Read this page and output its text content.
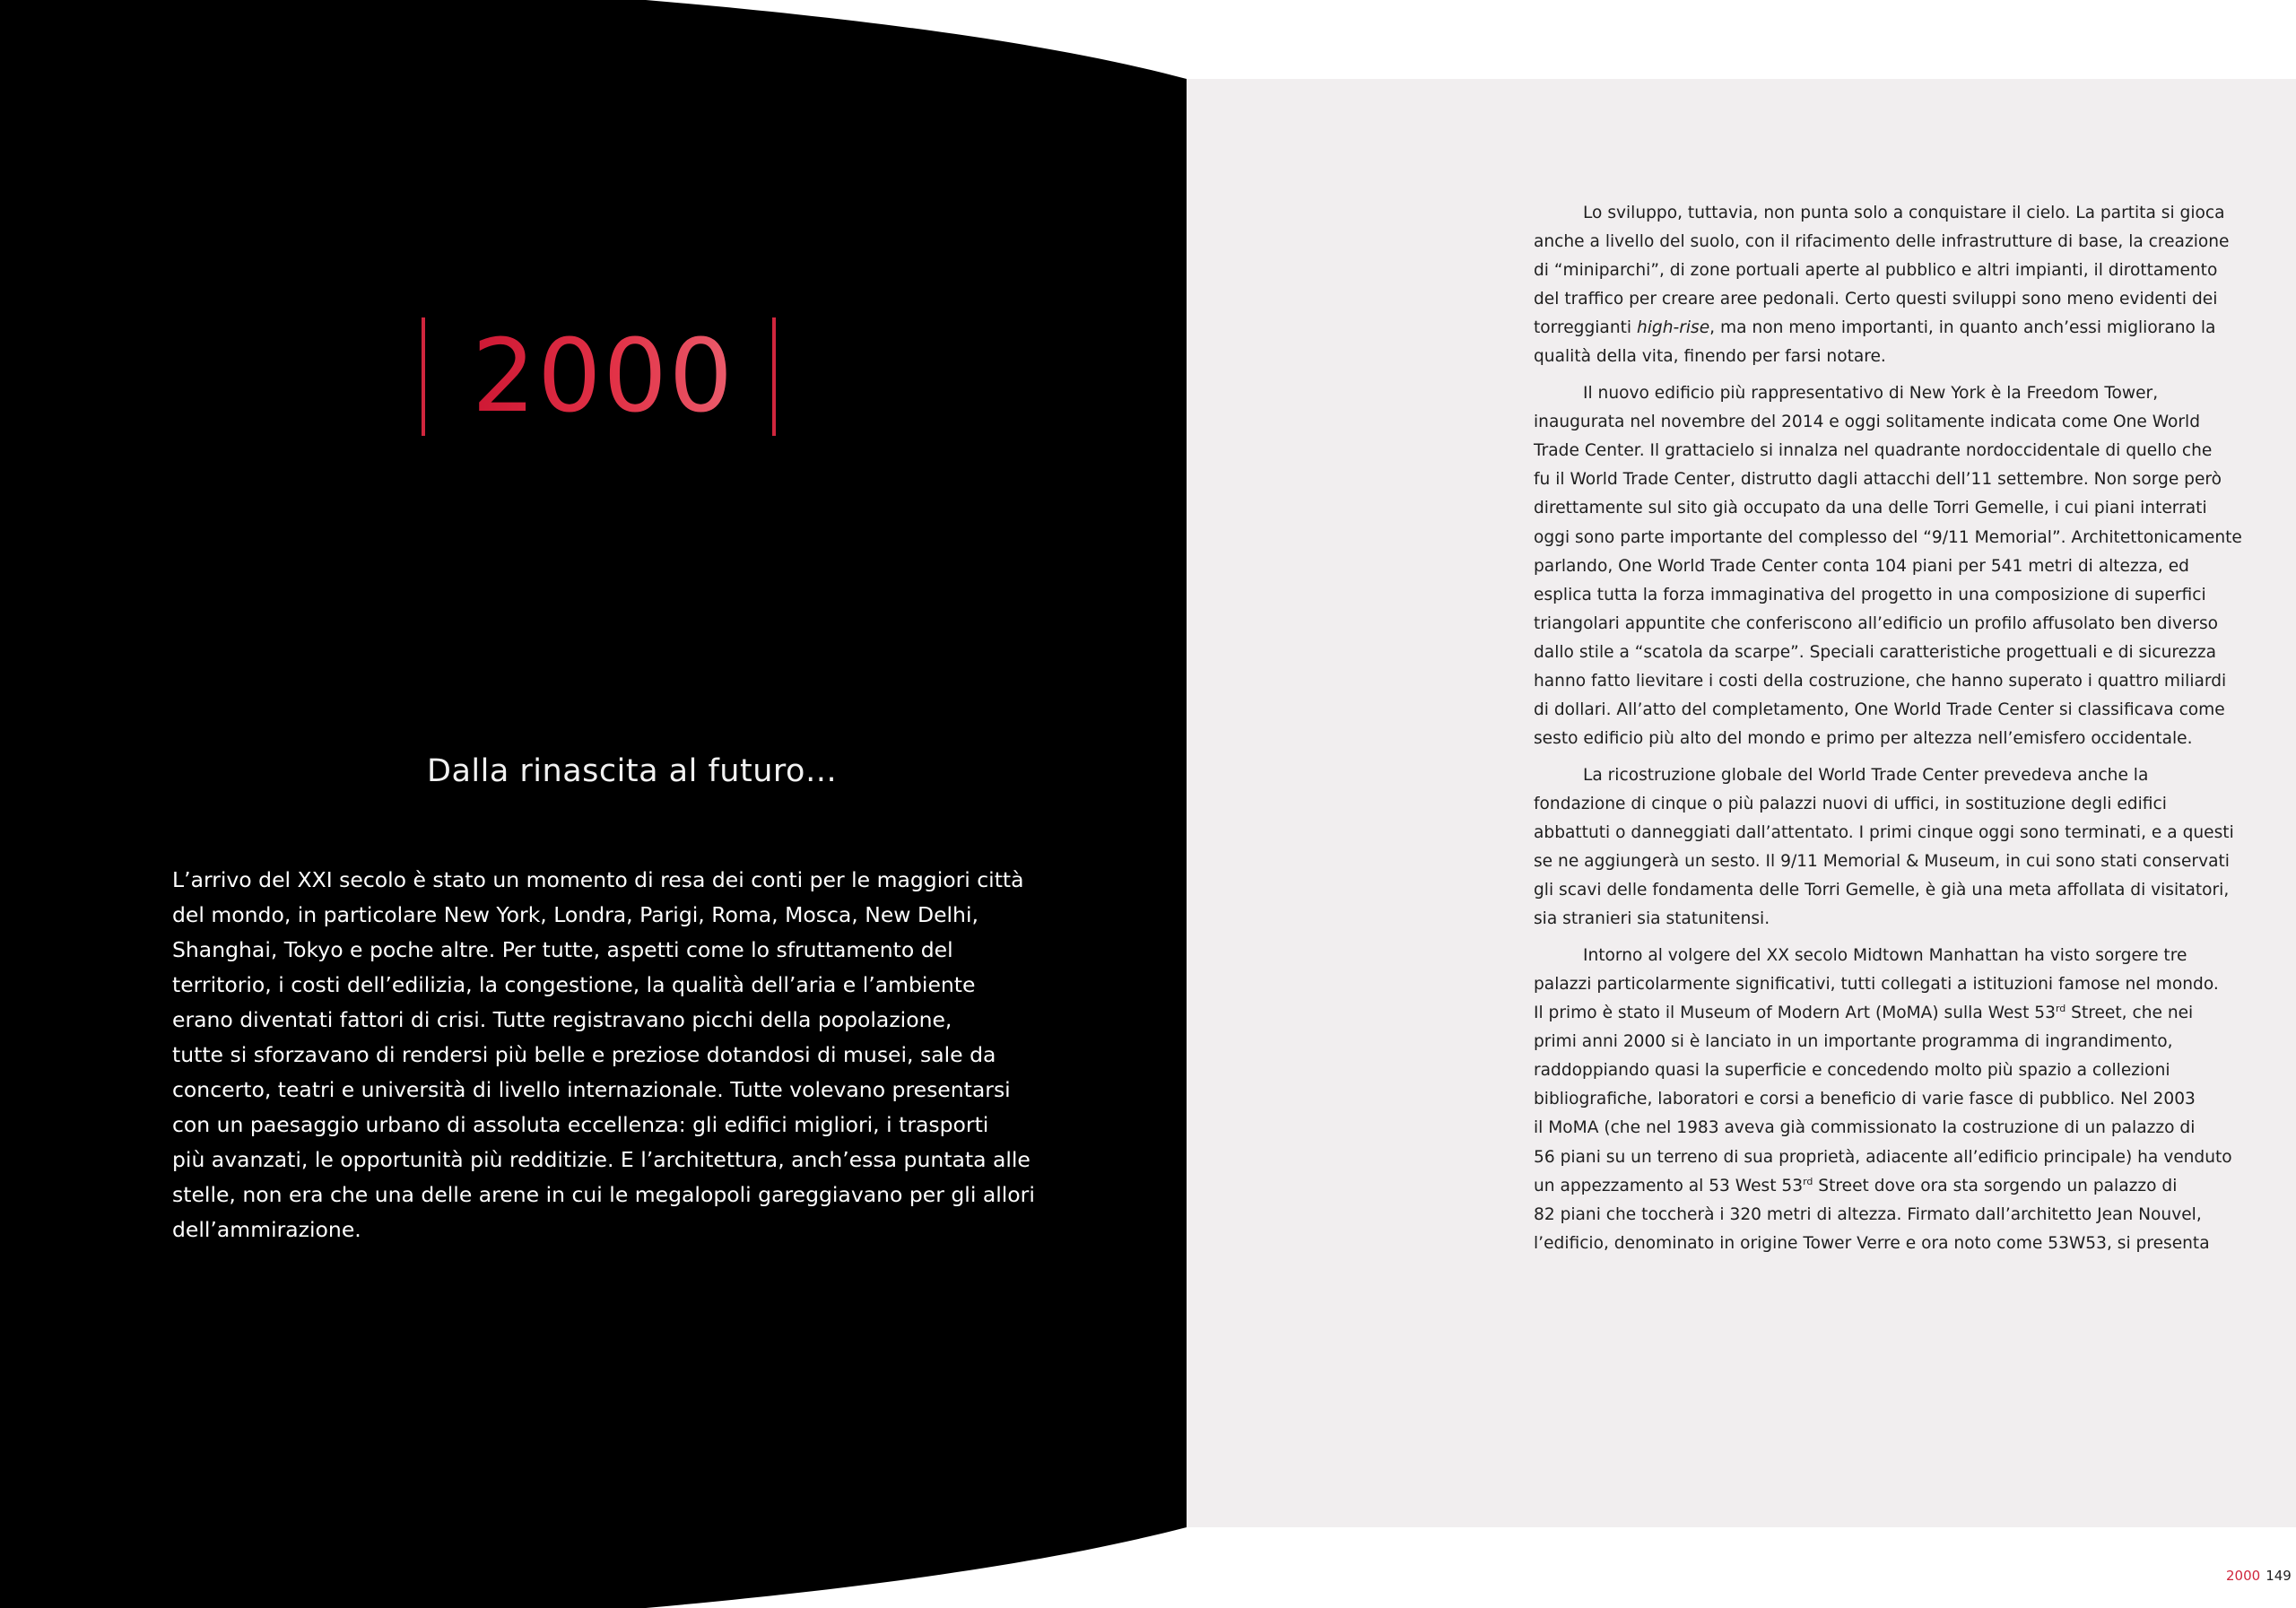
2000
Dalla rinascita al futuro…
L’arrivo del XXI secolo è stato un momento di resa dei conti per le maggiori città
del mondo, in particolare New York, Londra, Parigi, Roma, Mosca, New Delhi,
Shanghai, Tokyo e poche altre. Per tutte, aspetti come lo sfruttamento del
territorio, i costi dell’edilizia, la congestione, la qualità dell’aria e l’ambiente
erano diventati fattori di crisi. Tutte registravano picchi della popolazione,
tutte si sforzavano di rendersi più belle e preziose dotandosi di musei, sale da
concerto, teatri e università di livello internazionale. Tutte volevano presentarsi
con un paesaggio urbano di assoluta eccellenza: gli edifici migliori, i trasporti
più avanzati, le opportunità più redditizie. E l’architettura, anch’essa puntata alle
stelle, non era che una delle arene in cui le megalopoli gareggiavano per gli allori
dell’ammirazione.
Lo sviluppo, tuttavia, non punta solo a conquistare il cielo. La partita si gioca
anche a livello del suolo, con il rifacimento delle infrastrutture di base, la creazione
di “miniparchi”, di zone portuali aperte al pubblico e altri impianti, il dirottamento
del traffico per creare aree pedonali. Certo questi sviluppi sono meno evidenti dei
torreggianti high-rise, ma non meno importanti, in quanto anch’essi migliorano la
qualità della vita, finendo per farsi notare.
Il nuovo edificio più rappresentativo di New York è la Freedom Tower,
inaugurata nel novembre del 2014 e oggi solitamente indicata come One World
Trade Center. Il grattacielo si innalza nel quadrante nordoccidentale di quello che
fu il World Trade Center, distrutto dagli attacchi dell’11 settembre. Non sorge però
direttamente sul sito già occupato da una delle Torri Gemelle, i cui piani interrati
oggi sono parte importante del complesso del “9/11 Memorial”. Architettonicamente
parlando, One World Trade Center conta 104 piani per 541 metri di altezza, ed
esplica tutta la forza immaginativa del progetto in una composizione di superfici
triangolari appuntite che conferiscono all’edificio un profilo affusolato ben diverso
dallo stile a “scatola da scarpe”. Speciali caratteristiche progettuali e di sicurezza
hanno fatto lievitare i costi della costruzione, che hanno superato i quattro miliardi
di dollari. All’atto del completamento, One World Trade Center si classificava come
sesto edificio più alto del mondo e primo per altezza nell’emisfero occidentale.
La ricostruzione globale del World Trade Center prevedeva anche la
fondazione di cinque o più palazzi nuovi di uffici, in sostituzione degli edifici
abbattuti o danneggiati dall’attentato. I primi cinque oggi sono terminati, e a questi
se ne aggiungerà un sesto. Il 9/11 Memorial & Museum, in cui sono stati conservati
gli scavi delle fondamenta delle Torri Gemelle, è già una meta affollata di visitatori,
sia stranieri sia statunitensi.
Intorno al volgere del XX secolo Midtown Manhattan ha visto sorgere tre
palazzi particolarmente significativi, tutti collegati a istituzioni famose nel mondo.
Il primo è stato il Museum of Modern Art (MoMA) sulla West 53rd Street, che nei
primi anni 2000 si è lanciato in un importante programma di ingrandimento,
raddoppiando quasi la superficie e concedendo molto più spazio a collezioni
bibliografiche, laboratori e corsi a beneficio di varie fasce di pubblico. Nel 2003
il MoMA (che nel 1983 aveva già commissionato la costruzione di un palazzo di
56 piani su un terreno di sua proprietà, adiacente all’edificio principale) ha venduto
un appezzamento al 53 West 53rd Street dove ora sta sorgendo un palazzo di
82 piani che toccherà i 320 metri di altezza. Firmato dall’architetto Jean Nouvel,
l’edificio, denominato in origine Tower Verre e ora noto come 53W53, si presenta
2000 149
